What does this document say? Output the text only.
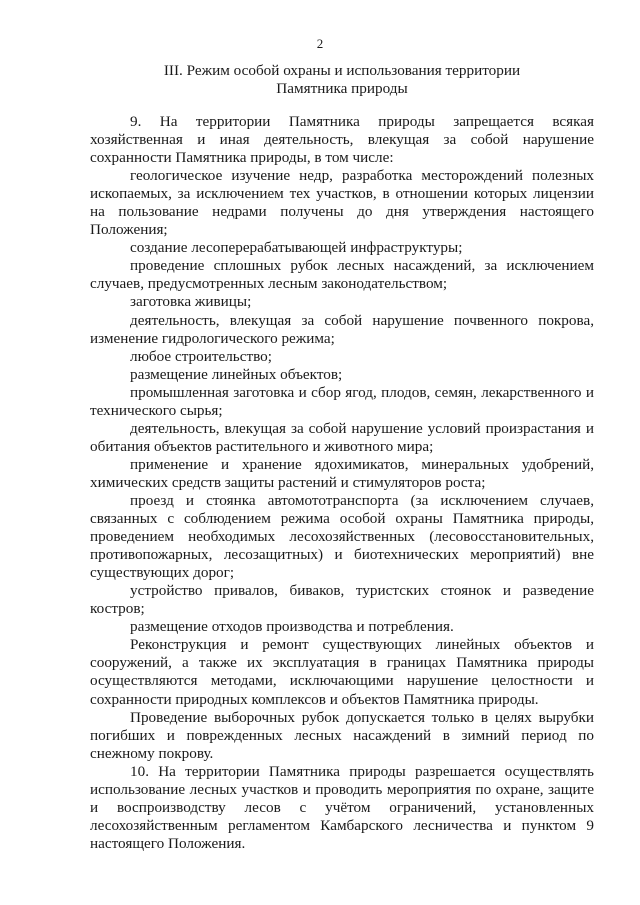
2
III. Режим особой охраны и использования территории
Памятника природы

9. На территории Памятника природы запрещается всякая хозяйственная и иная деятельность, влекущая за собой нарушение сохранности Памятника природы, в том числе:

геологическое изучение недр, разработка месторождений полезных ископаемых, за исключением тех участков, в отношении которых лицензии на пользование недрами получены до дня утверждения настоящего Положения;

создание лесоперерабатывающей инфраструктуры;

проведение сплошных рубок лесных насаждений, за исключением случаев, предусмотренных лесным законодательством;

заготовка живицы;

деятельность, влекущая за собой нарушение почвенного покрова, изменение гидрологического режима;

любое строительство;

размещение линейных объектов;

промышленная заготовка и сбор ягод, плодов, семян, лекарственного и технического сырья;

деятельность, влекущая за собой нарушение условий произрастания и обитания объектов растительного и животного мира;

применение и хранение ядохимикатов, минеральных удобрений, химических средств защиты растений и стимуляторов роста;

проезд и стоянка автомототранспорта (за исключением случаев, связанных с соблюдением режима особой охраны Памятника природы, проведением необходимых лесохозяйственных (лесовосстановительных, противопожарных, лесозащитных) и биотехнических мероприятий) вне существующих дорог;

устройство привалов, биваков, туристских стоянок и разведение костров;

размещение отходов производства и потребления.

Реконструкция и ремонт существующих линейных объектов и сооружений, а также их эксплуатация в границах Памятника природы осуществляются методами, исключающими нарушение целостности и сохранности природных комплексов и объектов Памятника природы.

Проведение выборочных рубок допускается только в целях вырубки погибших и поврежденных лесных насаждений в зимний период по снежному покрову.

10. На территории Памятника природы разрешается осуществлять использование лесных участков и проводить мероприятия по охране, защите и воспроизводству лесов с учётом ограничений, установленных лесохозяйственным регламентом Камбарского лесничества и пунктом 9 настоящего Положения.
